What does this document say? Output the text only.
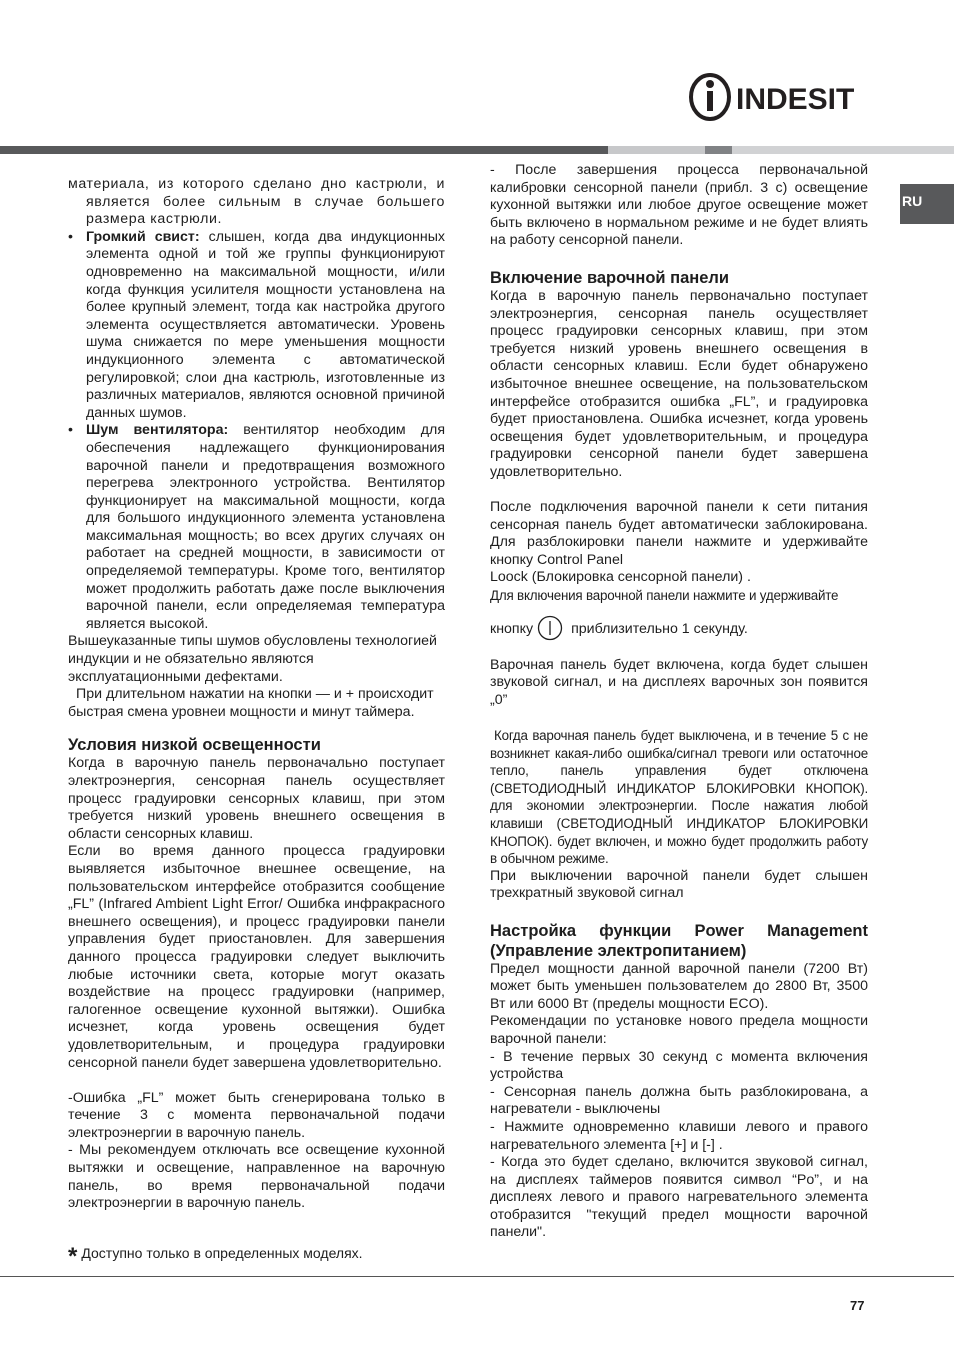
INDESIT
RU

материала, из которого сделано дно кастрюли, и является более сильным в случае большего размера кастрюли.

• Громкий свист: слышен, когда два индукционных элемента одной и той же группы функционируют одновременно на максимальной мощности, и/или когда функция усилителя мощности установлена на более крупный элемент, тогда как настройка другого элемента осуществляется автоматически. Уровень шума снижается по мере уменьшения мощности индукционного элемента с автоматической регулировкой; слои дна кастрюль, изготовленные из различных материалов, являются основной причиной данных шумов.

• Шум вентилятора: вентилятор необходим для обеспечения надлежащего функционирования варочной панели и предотвращения возможного перегрева электронного устройства. Вентилятор функционирует на максимальной мощности, когда для большого индукционного элемента установлена максимальная мощность; во всех других случаях он работает на средней мощности, в зависимости от определяемой температуры. Кроме того, вентилятор может продолжить работать даже после выключения варочной панели, если определяемая температура является высокой.

Вышеуказанные типы шумов обусловлены технологией индукции и не обязательно являются эксплуатационными дефектами.

При длительном нажатии на кнопки — и + происходит быстрая смена уровнеи мощности и минут таймера.

Условия низкой освещенности

Когда в варочную панель первоначально поступает электроэнергия, сенсорная панель осуществляет процесс градуировки сенсорных клавиш, при этом требуется низкий уровень внешнего освещения в области сенсорных клавиш.

Если во время данного процесса градуировки выявляется избыточное внешнее освещение, на пользовательском интерфейсе отобразится сообщение „FL” (Infrared Ambient Light Error/ Ошибка инфракрасного внешнего освещения), и процесс градуировки панели управления будет приостановлен. Для завершения данного процесса градуировки следует выключить любые источники света, которые могут оказать воздействие на процесс градуировки (например, галогенное освещение кухонной вытяжки). Ошибка исчезнет, когда уровень освещения будет удовлетворительным, и процедура градуировки сенсорной панели будет завершена удовлетворительно.

-Ошибка „FL” может быть сгенерирована только в течение 3 с момента первоначальной подачи электроэнергии в варочную панель.

- Мы рекомендуем отключать все освещение кухонной вытяжки и освещение, направленное на варочную панель, во время первоначальной подачи электроэнергии в варочную панель.

* Доступно только в определенных моделях.

- После завершения процесса первоначальной калибровки сенсорной панели (прибл. 3 с) освещение кухонной вытяжки или любое другое освещение может быть включено в нормальном режиме и не будет влиять на работу сенсорной панели.

Включение варочной панели

Когда в варочную панель первоначально поступает электроэнергия, сенсорная панель осуществляет процесс градуировки сенсорных клавиш, при этом требуется низкий уровень внешнего освещения в области сенсорных клавиш. Если будет обнаружено избыточное внешнее освещение, на пользовательском интерфейсе отобразится ошибка „FL”, и градуировка будет приостановлена. Ошибка исчезнет, когда уровень освещения будет удовлетворительным, и процедура градуировки сенсорной панели будет завершена удовлетворительно.

После подключения варочной панели к сети питания сенсорная панель будет автоматически заблокирована. Для разблокировки панели нажмите и удерживайте кнопку Control Panel

Loock (Блокировка сенсорной панели) .

Для включения варочной панели нажмите и удерживайте

кнопку	приблизительно 1 секунду.

Варочная панель будет включена, когда будет слышен звуковой сигнал, и на дисплеях варочных зон появится „0”

Когда варочная панель будет выключена, и в течение 5 с не возникнет какая-либо ошибка/сигнал тревоги или остаточное тепло, панель управления будет отключена (СВЕТОДИОДНЫЙ ИНДИКАТОР БЛОКИРОВКИ КНОПОК). для экономии электроэнергии. После нажатия любой клавиши (СВЕТОДИОДНЫЙ ИНДИКАТОР БЛОКИРОВКИ КНОПОК). будет включен, и можно будет продолжить работу в обычном режиме.

При выключении варочной панели будет слышен трехкратный звуковой сигнал

Настройка функции Power Management (Управление электропитанием)

Предел мощности данной варочной панели (7200 Вт) может быть уменьшен пользователем до 2800 Вт, 3500 Вт или 6000 Вт (пределы мощности ECO).

Рекомендации по установке нового предела мощности варочной панели:

- В течение первых 30 секунд с момента включения устройства

- Сенсорная панель должна быть разблокирована, а нагреватели - выключены

- Нажмите одновременно клавиши левого и правого нагревательного элемента [+] и [-] .

- Когда это будет сделано, включится звуковой сигнал, на дисплеях таймеров появится символ “Po”, и на дисплеях левого и правого нагревательного элемента отобразится "текущий предел мощности варочной панели".

77
